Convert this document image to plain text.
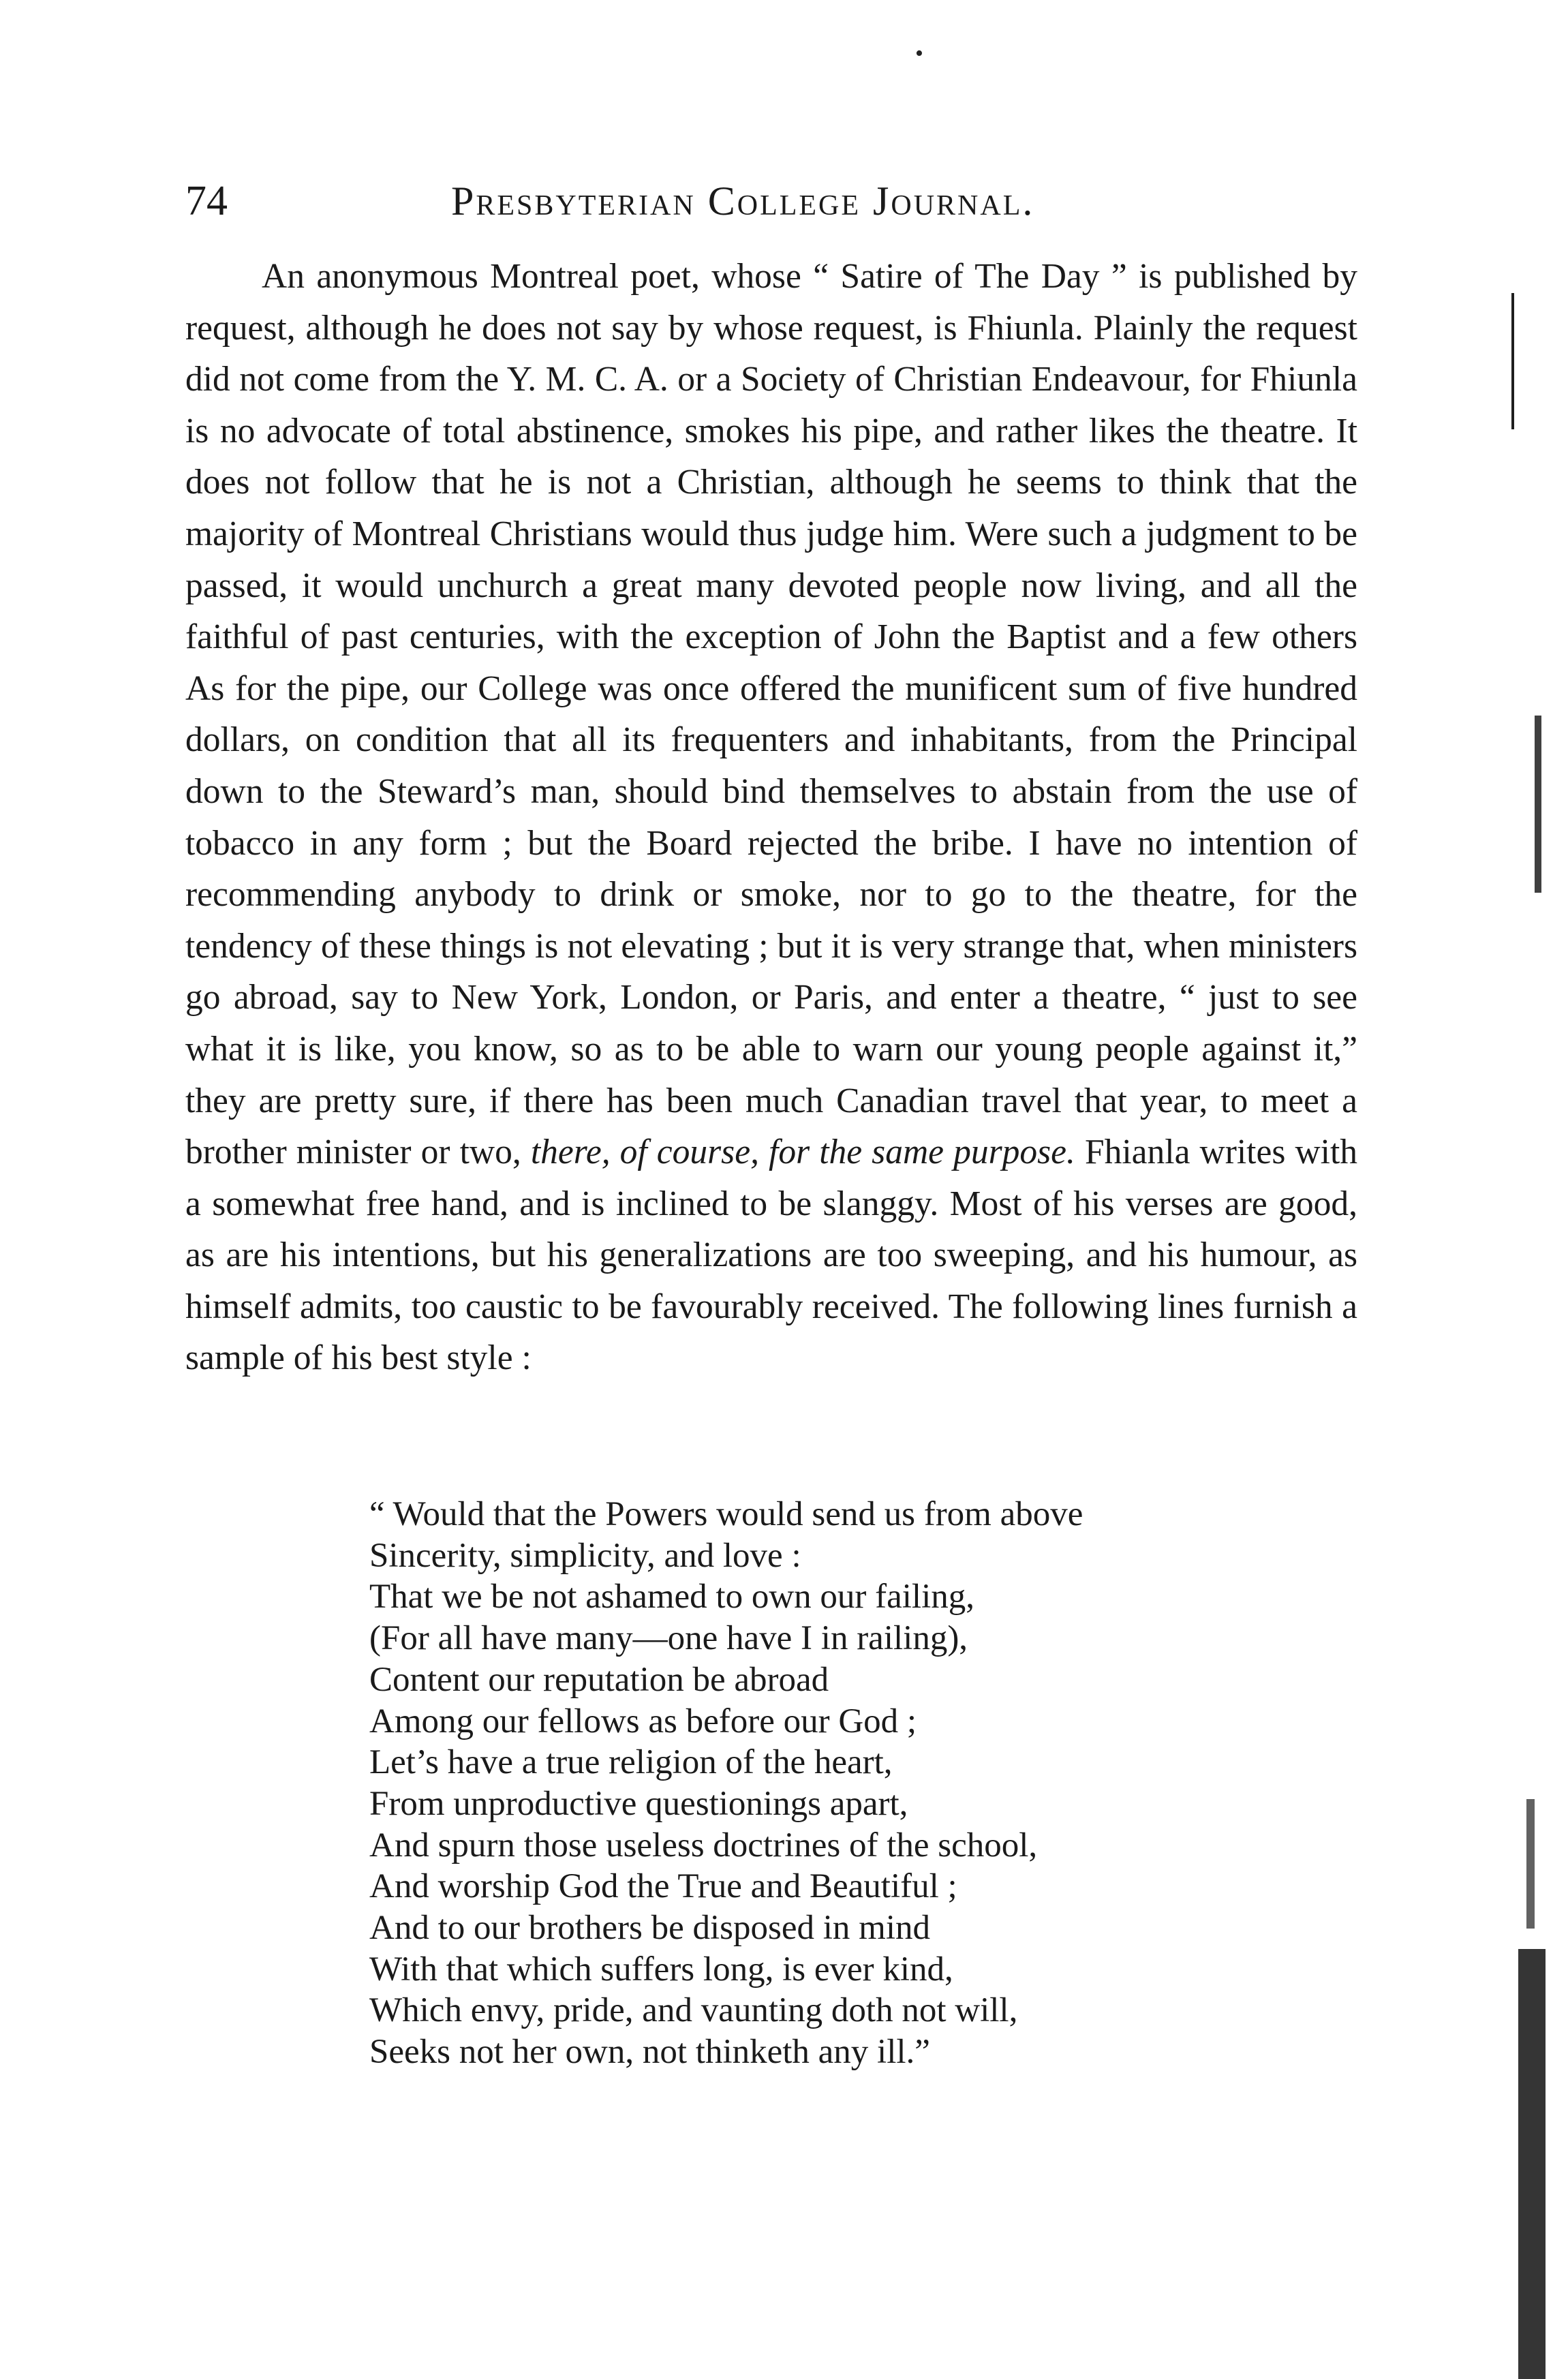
•
74	Presbyterian College Journal.

An anonymous Montreal poet, whose “ Satire of The Day ” is published by request, although he does not say by whose request, is Fhiunla. Plainly the request did not come from the Y. M. C. A. or a Society of Christian Endeavour, for Fhiunla is no advocate of total abstinence, smokes his pipe, and rather likes the theatre. It does not follow that he is not a Christian, although he seems to think that the majority of Montreal Christians would thus judge him. Were such a judgment to be passed, it would unchurch a great many devoted people now living, and all the faithful of past centuries, with the exception of John the Baptist and a few others As for the pipe, our College was once offered the munificent sum of five hundred dollars, on condition that all its frequenters and inhabitants, from the Principal down to the Steward’s man, should bind themselves to abstain from the use of tobacco in any form ; but the Board rejected the bribe. I have no intention of recommending anybody to drink or smoke, nor to go to the theatre, for the tendency of these things is not elevating ; but it is very strange that, when ministers go abroad, say to New York, London, or Paris, and enter a theatre, “ just to see what it is like, you know, so as to be able to warn our young people against it,” they are pretty sure, if there has been much Canadian travel that year, to meet a brother minister or two, there, of course, for the same purpose. Fhianla writes with a somewhat free hand, and is inclined to be slanggy. Most of his verses are good, as are his intentions, but his generalizations are too sweeping, and his humour, as himself admits, too caustic to be favourably received. The following lines furnish a sample of his best style :

“ Would that the Powers would send us from above
Sincerity, simplicity, and love :
That we be not ashamed to own our failing,
(For all have many—one have I in railing),
Content our reputation be abroad
Among our fellows as before our God ;
Let’s have a true religion of the heart,
From unproductive questionings apart,
And spurn those useless doctrines of the school,
And worship God the True and Beautiful ;
And to our brothers be disposed in mind
With that which suffers long, is ever kind,
Which envy, pride, and vaunting doth not will,
Seeks not her own, not thinketh any ill.”
